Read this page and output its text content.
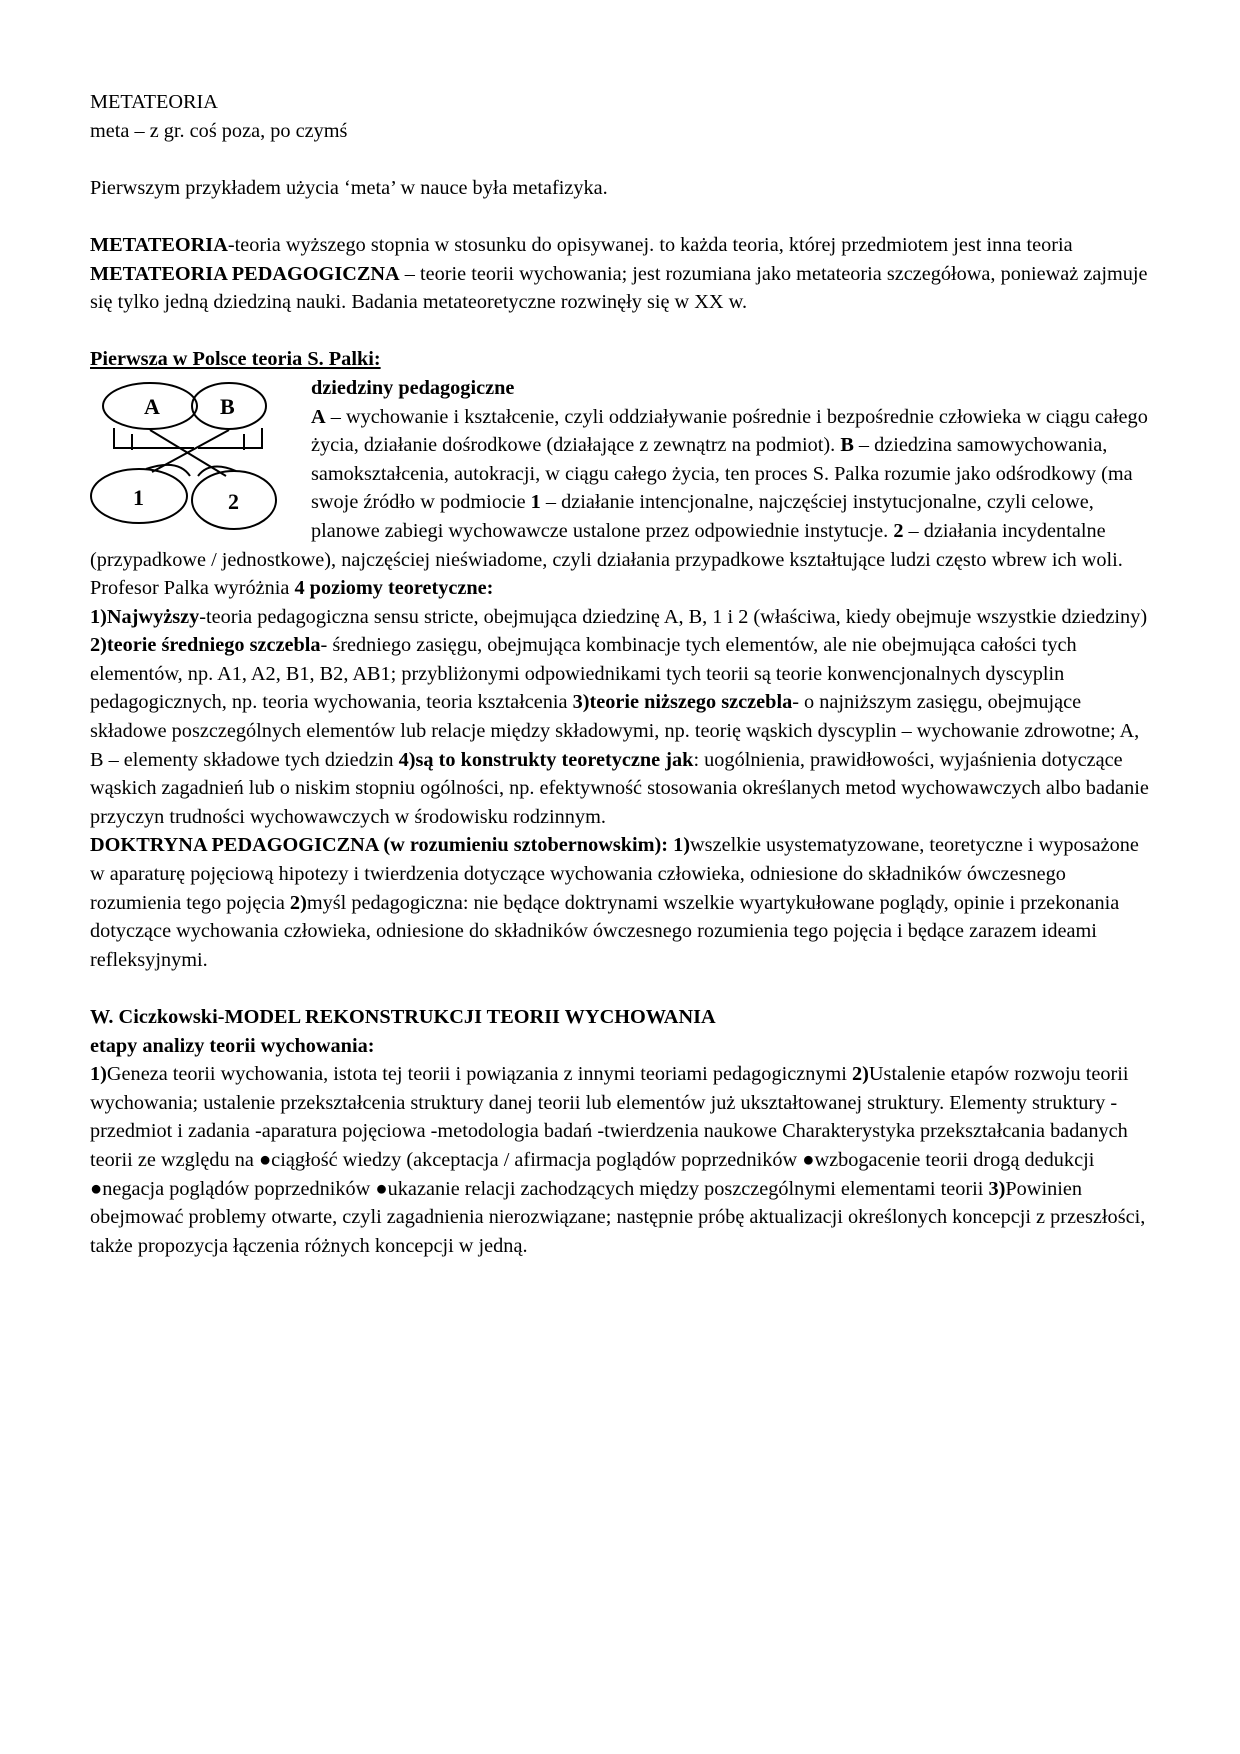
METATEORIA

meta – z gr. coś poza, po czymś

Pierwszym przykładem użycia ‘meta’ w nauce była metafizyka.

METATEORIA-teoria wyższego stopnia w stosunku do opisywanej. to każda teoria, której przedmiotem jest inna teoria

METATEORIA PEDAGOGICZNA – teorie teorii wychowania; jest rozumiana jako metateoria szczegółowa, ponieważ zajmuje się tylko jedną dziedziną nauki. Badania metateoretyczne rozwinęły się w XX w.

Pierwsza w Polsce teoria S. Palki:

A	B
1	2

dziedziny pedagogiczne

A – wychowanie i kształcenie, czyli oddziaływanie pośrednie i bezpośrednie człowieka w ciągu całego życia, działanie dośrodkowe (działające z zewnątrz na podmiot). B – dziedzina samowychowania, samokształcenia, autokracji, w ciągu całego życia, ten proces S. Palka rozumie jako odśrodkowy (ma swoje źródło w podmiocie 1 – działanie intencjonalne, najczęściej instytucjonalne, czyli celowe, planowe zabiegi wychowawcze ustalone przez odpowiednie instytucje. 2 – działania incydentalne (przypadkowe / jednostkowe), najczęściej nieświadome, czyli działania przypadkowe kształtujące ludzi często wbrew ich woli.

Profesor Palka wyróżnia 4 poziomy teoretyczne:

1)Najwyższy-teoria pedagogiczna sensu stricte, obejmująca dziedzinę A, B, 1 i 2 (właściwa, kiedy obejmuje wszystkie dziedziny) 2)teorie średniego szczebla- średniego zasięgu, obejmująca kombinacje tych elementów, ale nie obejmująca całości tych elementów, np. A1, A2, B1, B2, AB1; przybliżonymi odpowiednikami tych teorii są teorie konwencjonalnych dyscyplin pedagogicznych, np. teoria wychowania, teoria kształcenia 3)teorie niższego szczebla- o najniższym zasięgu, obejmujące składowe poszczególnych elementów lub relacje między składowymi, np. teorię wąskich dyscyplin – wychowanie zdrowotne; A, B – elementy składowe tych dziedzin 4)są to konstrukty teoretyczne jak: uogólnienia, prawidłowości, wyjaśnienia dotyczące wąskich zagadnień lub o niskim stopniu ogólności, np. efektywność stosowania określanych metod wychowawczych albo badanie przyczyn trudności wychowawczych w środowisku rodzinnym.

DOKTRYNA PEDAGOGICZNA (w rozumieniu sztobernowskim): 1)wszelkie usystematyzowane, teoretyczne i wyposażone w aparaturę pojęciową hipotezy i twierdzenia dotyczące wychowania człowieka, odniesione do składników ówczesnego rozumienia tego pojęcia 2)myśl pedagogiczna: nie będące doktrynami wszelkie wyartykułowane poglądy, opinie i przekonania dotyczące wychowania człowieka, odniesione do składników ówczesnego rozumienia tego pojęcia i będące zarazem ideami refleksyjnymi.

W. Ciczkowski-MODEL REKONSTRUKCJI TEORII WYCHOWANIA

etapy analizy teorii wychowania:

1)Geneza teorii wychowania, istota tej teorii i powiązania z innymi teoriami pedagogicznymi 2)Ustalenie etapów rozwoju teorii wychowania; ustalenie przekształcenia struktury danej teorii lub elementów już ukształtowanej struktury. Elementy struktury -przedmiot i zadania -aparatura pojęciowa -metodologia badań -twierdzenia naukowe Charakterystyka przekształcania badanych teorii ze względu na ●ciągłość wiedzy (akceptacja / afirmacja poglądów poprzedników ●wzbogacenie teorii drogą dedukcji ●negacja poglądów poprzedników ●ukazanie relacji zachodzących między poszczególnymi elementami teorii 3)Powinien obejmować problemy otwarte, czyli zagadnienia nierozwiązane; następnie próbę aktualizacji określonych koncepcji z przeszłości, także propozycja łączenia różnych koncepcji w jedną.
